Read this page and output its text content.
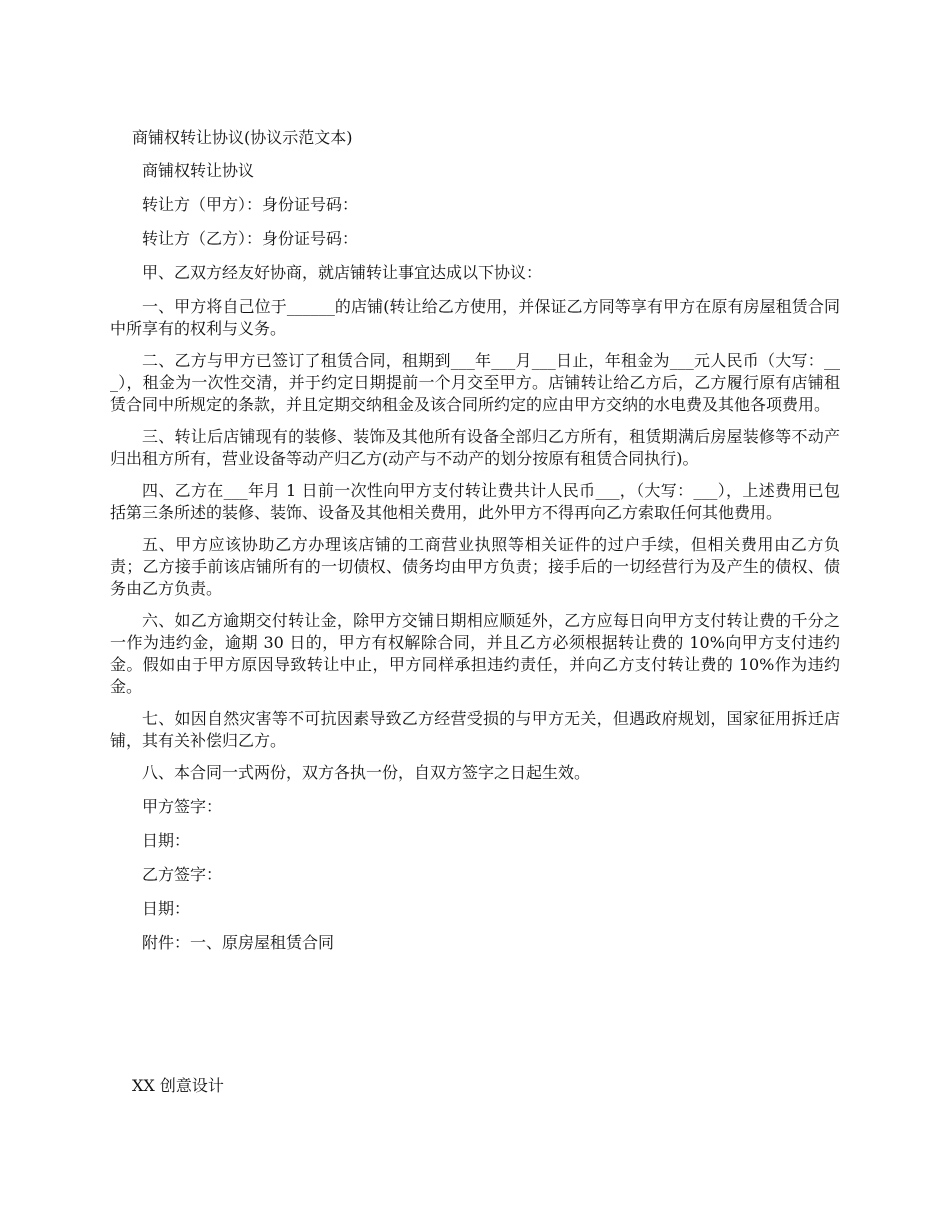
商铺权转让协议(协议示范文本)

商铺权转让协议

转让方（甲方）：身份证号码：

转让方（乙方）：身份证号码：

甲、乙双方经友好协商，就店铺转让事宜达成以下协议：

一、甲方将自己位于______的店铺(转让给乙方使用，并保证乙方同等享有甲方在原有房屋租赁合同中所享有的权利与义务。

二、乙方与甲方已签订了租赁合同，租期到___年___月___日止，年租金为___元人民币（大写：___），租金为一次性交清，并于约定日期提前一个月交至甲方。店铺转让给乙方后，乙方履行原有店铺租赁合同中所规定的条款，并且定期交纳租金及该合同所约定的应由甲方交纳的水电费及其他各项费用。

三、转让后店铺现有的装修、装饰及其他所有设备全部归乙方所有，租赁期满后房屋装修等不动产归出租方所有，营业设备等动产归乙方(动产与不动产的划分按原有租赁合同执行)。

四、乙方在___年月 1 日前一次性向甲方支付转让费共计人民币___，（大写：___），上述费用已包括第三条所述的装修、装饰、设备及其他相关费用，此外甲方不得再向乙方索取任何其他费用。

五、甲方应该协助乙方办理该店铺的工商营业执照等相关证件的过户手续，但相关费用由乙方负责；乙方接手前该店铺所有的一切债权、债务均由甲方负责；接手后的一切经营行为及产生的债权、债务由乙方负责。

六、如乙方逾期交付转让金，除甲方交铺日期相应顺延外，乙方应每日向甲方支付转让费的千分之一作为违约金，逾期 30 日的，甲方有权解除合同，并且乙方必须根据转让费的 10%向甲方支付违约金。假如由于甲方原因导致转让中止，甲方同样承担违约责任，并向乙方支付转让费的 10%作为违约金。

七、如因自然灾害等不可抗因素导致乙方经营受损的与甲方无关，但遇政府规划，国家征用拆迁店铺，其有关补偿归乙方。

八、本合同一式两份，双方各执一份，自双方签字之日起生效。

甲方签字：

日期：

乙方签字：

日期：

附件：一、原房屋租赁合同

XX 创意设计
